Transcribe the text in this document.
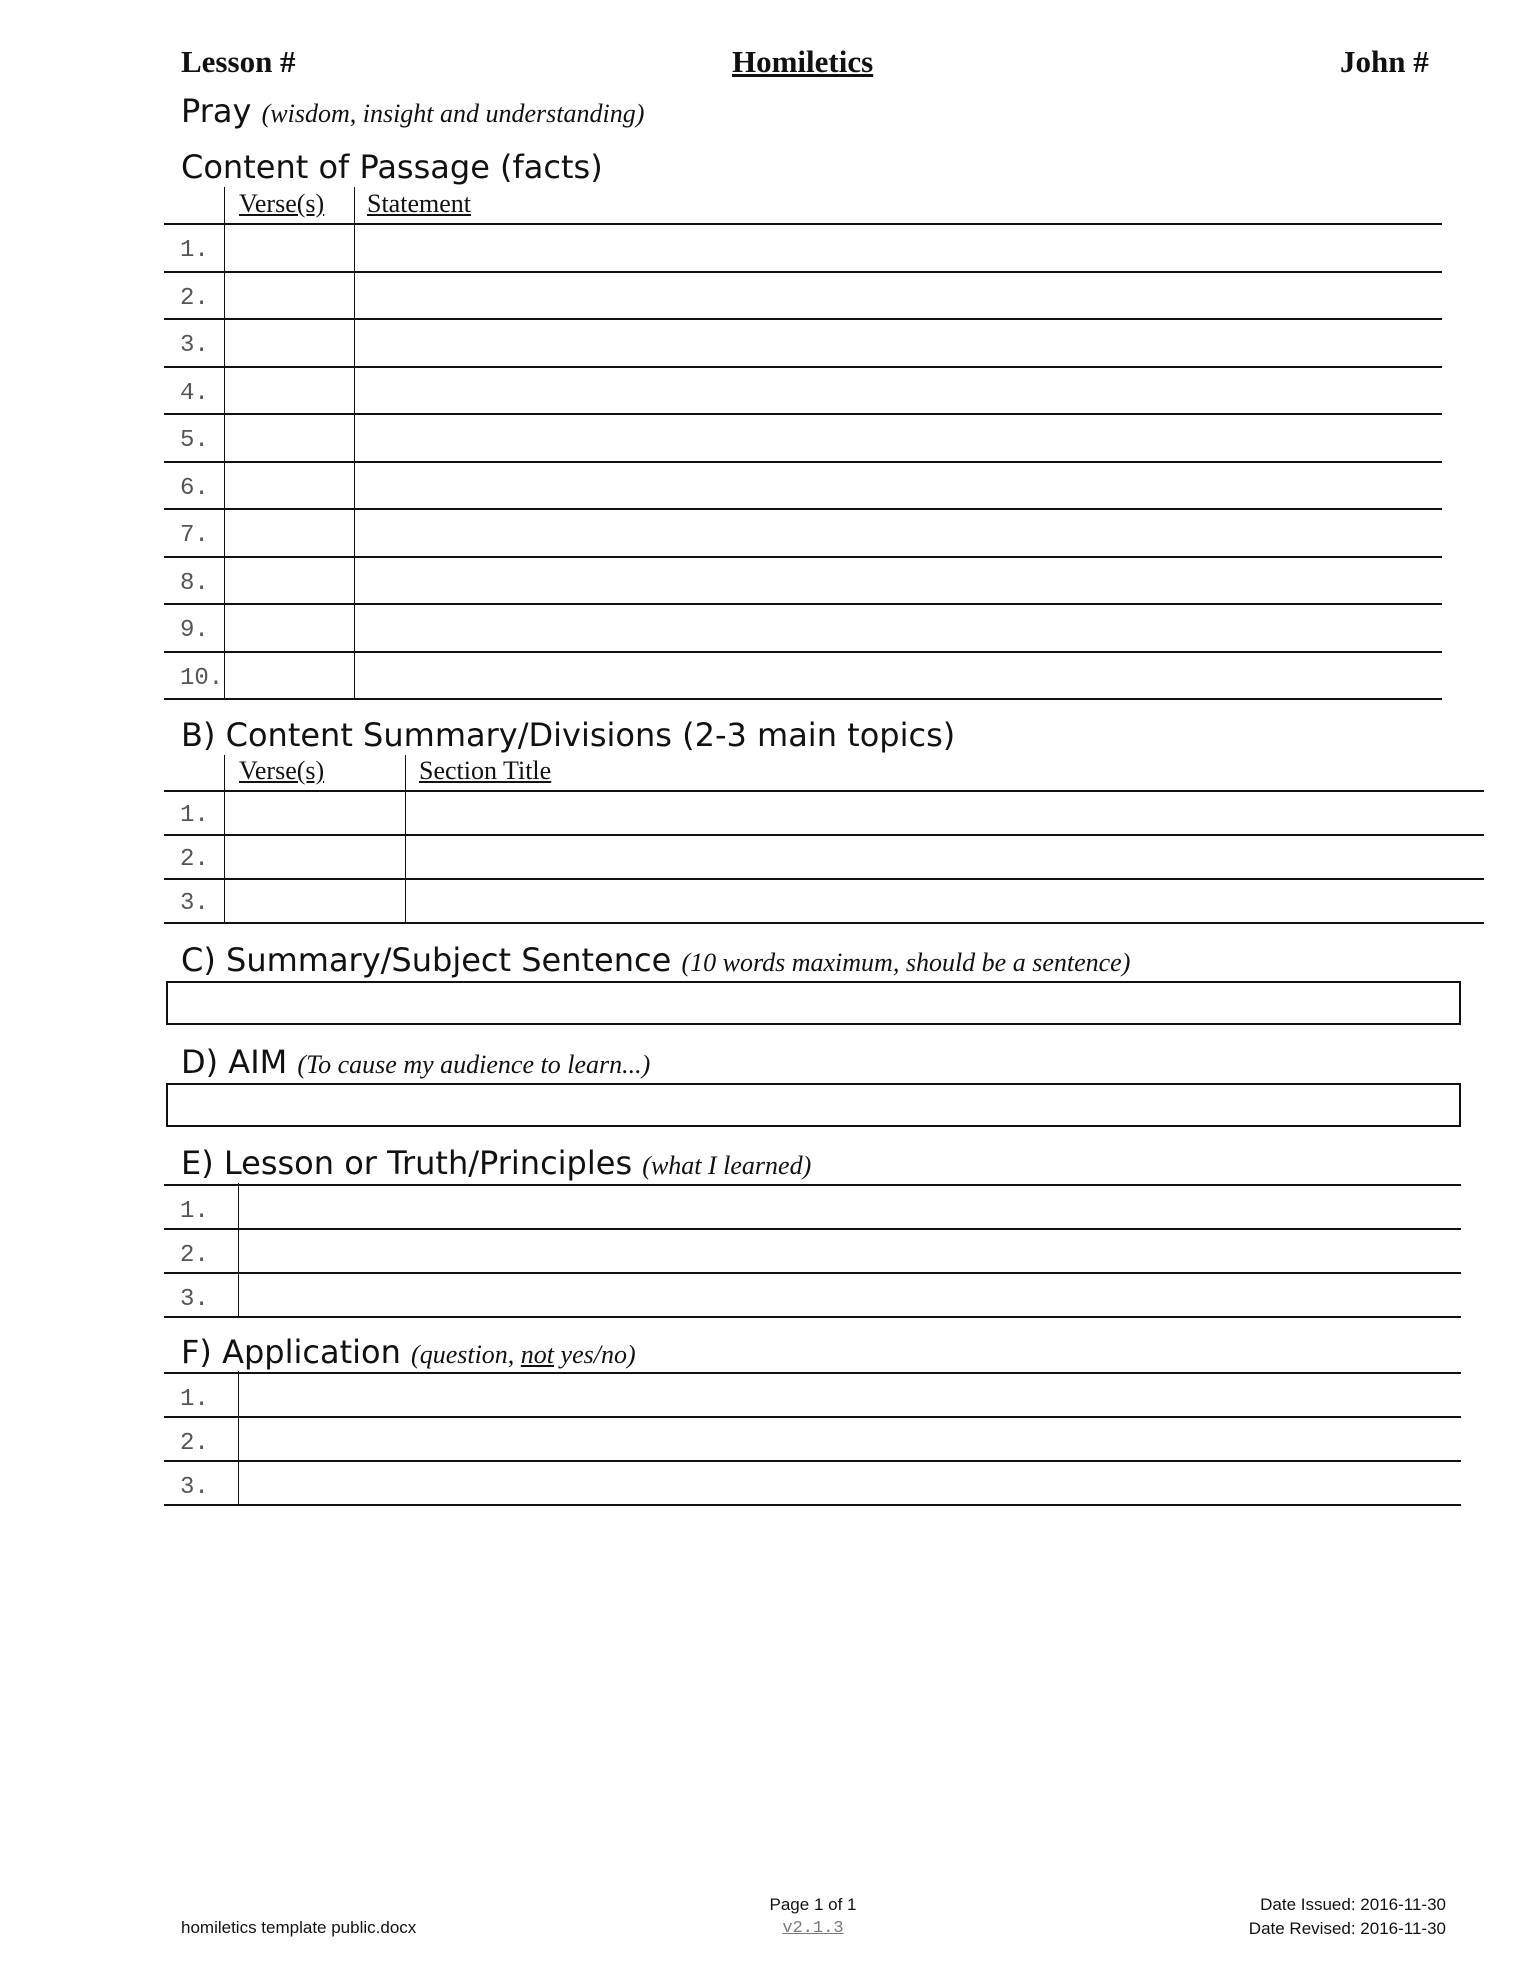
Lesson #	Homiletics	John #
Pray (wisdom, insight and understanding)
Content of Passage (facts)
Verse(s) Statement
1.
2.
3.
4.
5.
6.
7.
8.
9.
10.
B) Content Summary/Divisions (2-3 main topics)
Verse(s)	Section Title
1.
2.
3.
C) Summary/Subject Sentence (10 words maximum, should be a sentence)
D) AIM (To cause my audience to learn...)
E) Lesson or Truth/Principles (what I learned)
1.
2.
3.
F) Application (question, not yes/no)
1.
2.
3.
homiletics template public.docx
Page 1 of 1
v2.1.3
Date Issued: 2016-11-30
Date Revised: 2016-11-30
